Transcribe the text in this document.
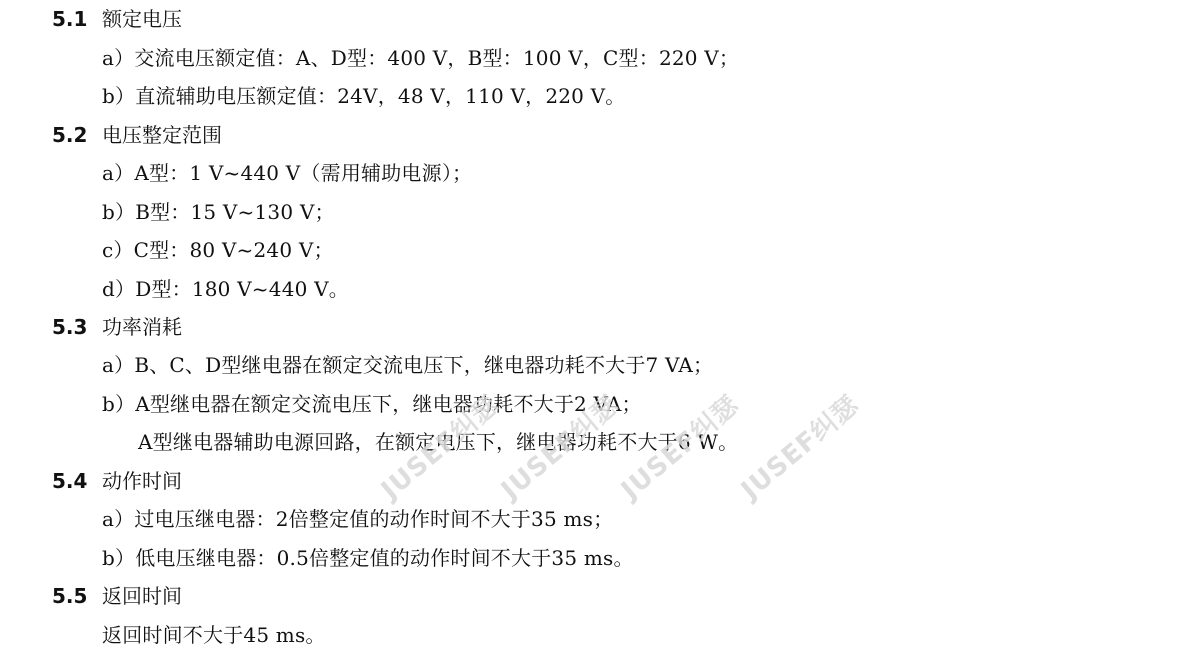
5.1 额定电压
a）交流电压额定值：A、D型：400 V，B型：100 V，C型：220 V；
b）直流辅助电压额定值：24V，48 V，110 V，220 V。
5.2 电压整定范围
a）A型：1 V~440 V（需用辅助电源）；
b）B型：15 V~130 V；
c）C型：80 V~240 V；
d）D型：180 V~440 V。
5.3 功率消耗
a）B、C、D型继电器在额定交流电压下，继电器功耗不大于7 VA；
b）A型继电器在额定交流电压下，继电器功耗不大于2 VA；
A型继电器辅助电源回路，在额定电压下，继电器功耗不大于6 W。
5.4 动作时间
a）过电压继电器：2倍整定值的动作时间不大于35 ms；
b）低电压继电器：0.5倍整定值的动作时间不大于35 ms。
5.5 返回时间
返回时间不大于45 ms。
JUSEF纠瑟
JUSEF纠瑟
JUSEF纠瑟
JUSEF纠瑟
